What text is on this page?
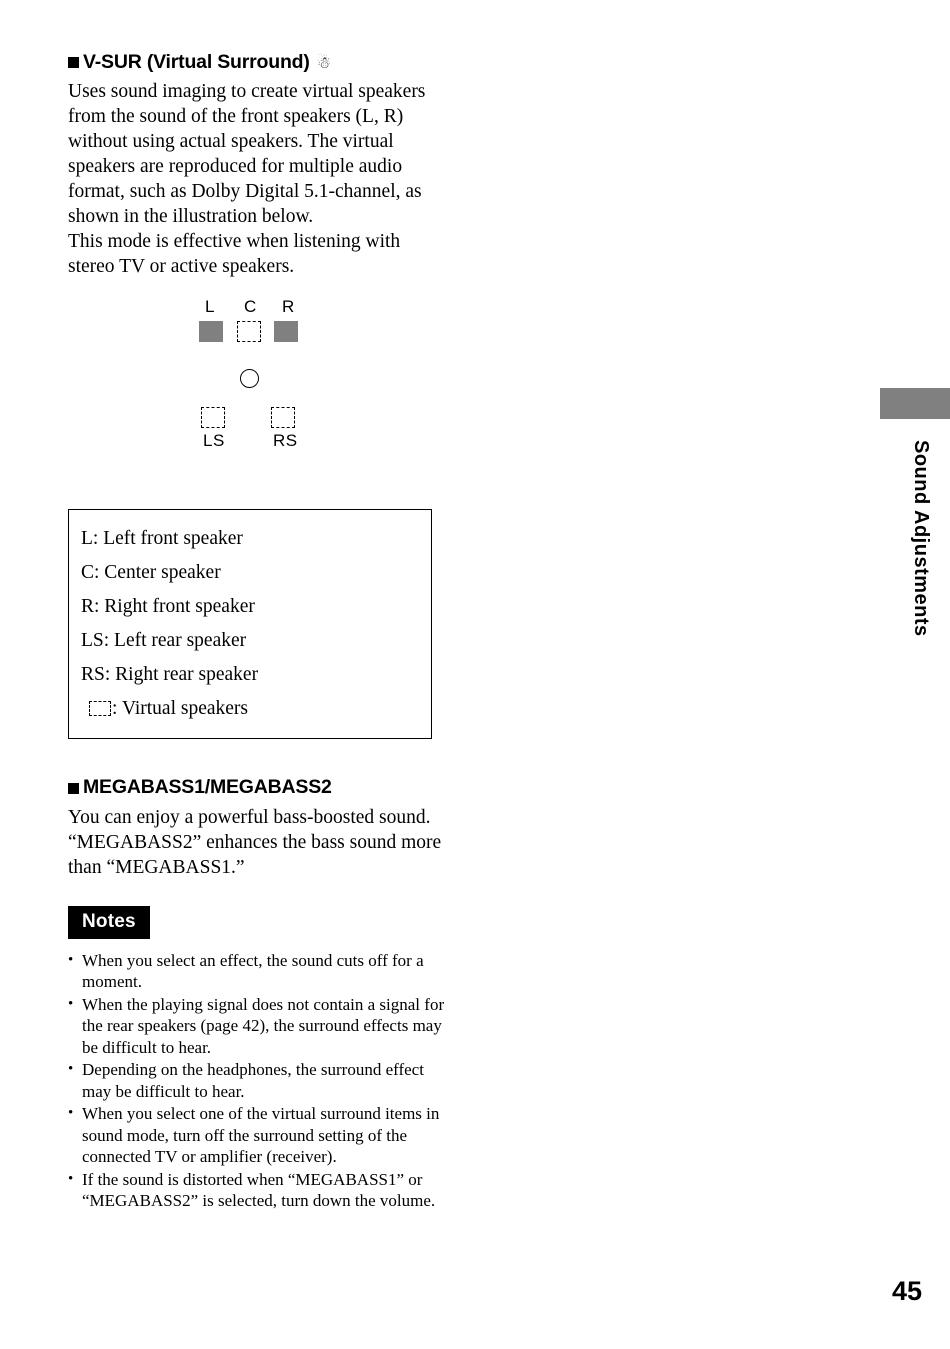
V-SUR (Virtual Surround) ☃

Uses sound imaging to create virtual speakers from the sound of the front speakers (L, R) without using actual speakers. The virtual speakers are reproduced for multiple audio format, such as Dolby Digital 5.1-channel, as shown in the illustration below.

This mode is effective when listening with stereo TV or active speakers.

L C R
LS	RS
L: Left front speaker
C: Center speaker
R: Right front speaker
LS: Left rear speaker
RS: Right rear speaker
: Virtual speakers
MEGABASS1/MEGABASS2

You can enjoy a powerful bass-boosted sound.

“MEGABASS2” enhances the bass sound more than “MEGABASS1.”

Notes
• When you select an effect, the sound cuts off for a moment.
• When the playing signal does not contain a signal for the rear speakers (page 42), the surround effects may be difficult to hear.
• Depending on the headphones, the surround effect may be difficult to hear.
• When you select one of the virtual surround items in sound mode, turn off the surround setting of the connected TV or amplifier (receiver).
• If the sound is distorted when “MEGABASS1” or “MEGABASS2” is selected, turn down the volume.
Sound Adjustments
45
